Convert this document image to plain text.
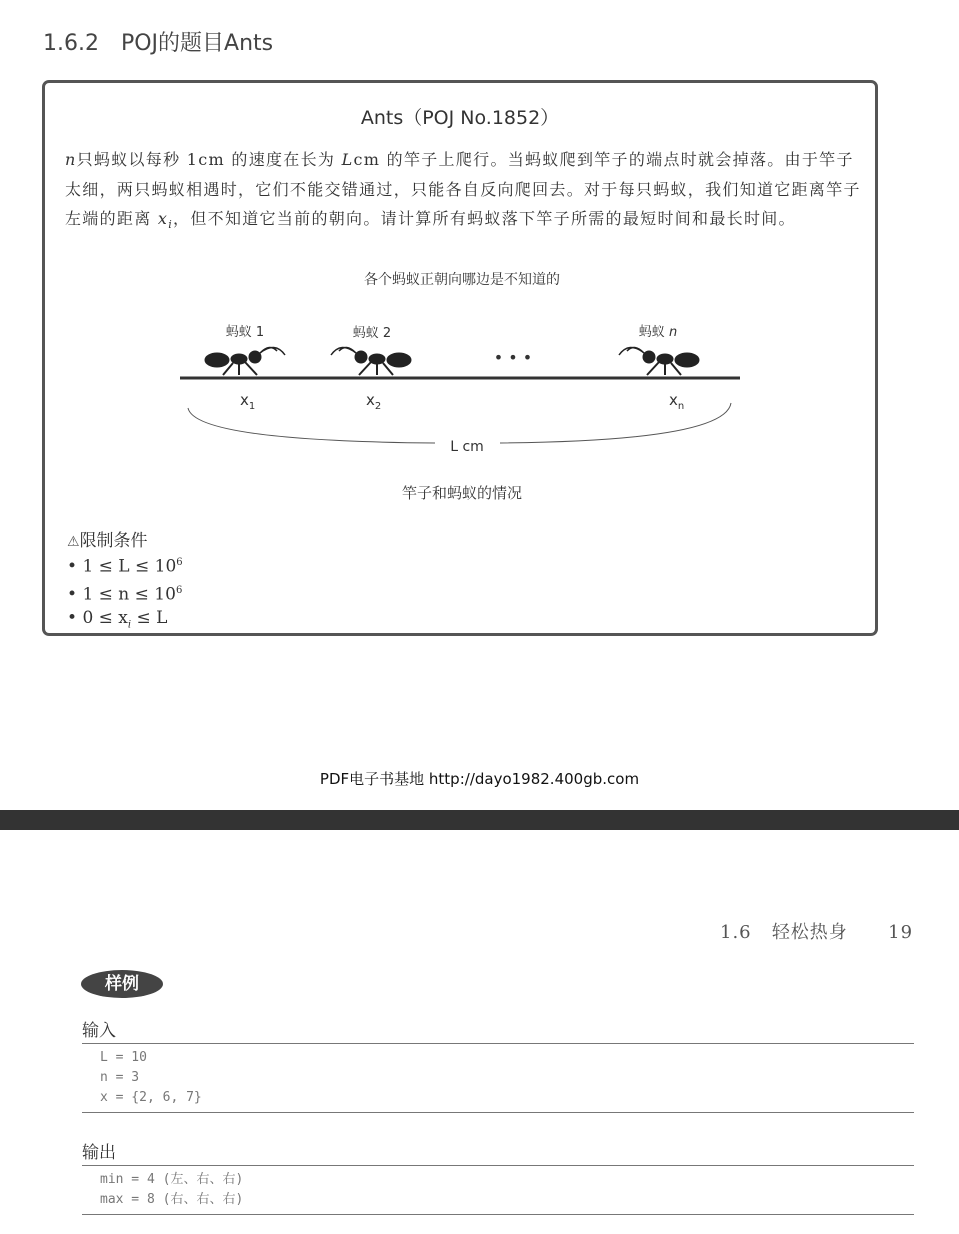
1.6.2　POJ的题目Ants
Ants（POJ No.1852）
n只蚂蚁以每秒 1cm 的速度在长为 Lcm 的竿子上爬行。当蚂蚁爬到竿子的端点时就会掉落。由于竿子太细，两只蚂蚁相遇时，它们不能交错通过，只能各自反向爬回去。对于每只蚂蚁，我们知道它距离竿子左端的距离 $x_i$，但不知道它当前的朝向。请计算所有蚂蚁落下竿子所需的最短时间和最长时间。
各个蚂蚁正朝向哪边是不知道的
蚂蚁 1	蚂蚁 2	蚂蚁 n
• • •
$x_1$	$x_2$	$x_n$
L cm
竿子和蚂蚁的情况
⚠限制条件
• $1 \le L \le 10^6$
• $1 \le n \le 10^6$
• $0 \le x_i \le L$
PDF电子书基地 http://dayo1982.400gb.com
1.6 轻松热身 19
样例
输入
L = 10
n = 3
x = {2, 6, 7}
输出
min = 4 (左、右、右)
max = 8 (右、右、右)
